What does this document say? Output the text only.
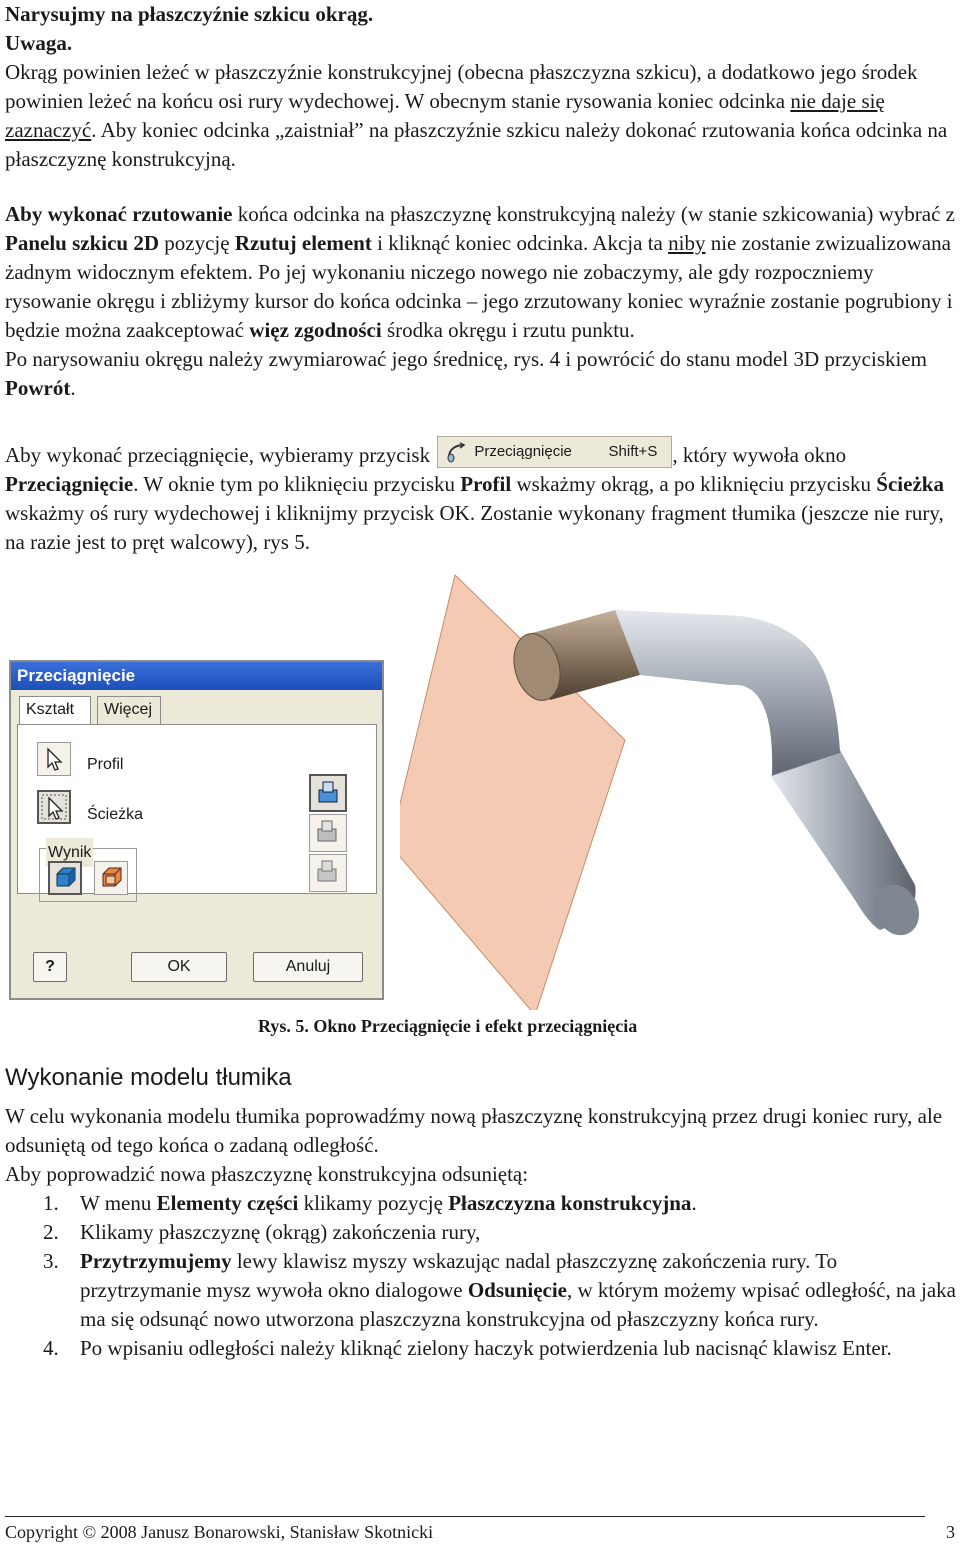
Narysujmy na płaszczyźnie szkicu okrąg.

Uwaga.

Okrąg powinien leżeć w płaszczyźnie konstrukcyjnej (obecna płaszczyzna szkicu), a dodatkowo jego środek powinien leżeć na końcu osi rury wydechowej. W obecnym stanie rysowania koniec odcinka nie daje się zaznaczyć. Aby koniec odcinka „zaistniał” na płaszczyźnie szkicu należy dokonać rzutowania końca odcinka na płaszczyznę konstrukcyjną.

Aby wykonać rzutowanie końca odcinka na płaszczyznę konstrukcyjną należy (w stanie szkicowania) wybrać z Panelu szkicu 2D pozycję Rzutuj element i kliknąć koniec odcinka. Akcja ta niby nie zostanie zwizualizowana żadnym widocznym efektem. Po jej wykonaniu niczego nowego nie zobaczymy, ale gdy rozpoczniemy rysowanie okręgu i zbliżymy kursor do końca odcinka – jego zrzutowany koniec wyraźnie zostanie pogrubiony i będzie można zaakceptować więz zgodności środka okręgu i rzutu punktu.

Po narysowaniu okręgu należy zwymiarować jego średnicę, rys. 4 i powrócić do stanu model 3D przyciskiem Powrót.

Aby wykonać przeciągnięcie, wybieramy przycisk	Przeciągnięcie Shift+S , który wywoła okno Przeciągnięcie. W oknie tym po kliknięciu przycisku Profil wskażmy okrąg, a po kliknięciu przycisku Ścieżka wskażmy oś rury wydechowej i kliknijmy przycisk OK. Zostanie wykonany fragment tłumika (jeszcze nie rury, na razie jest to pręt walcowy), rys 5.

Przeciągnięcie
Kształt	Więcej
Profil
Ścieżka
Wynik
?	OK	Anuluj
Rys. 5. Okno Przeciągnięcie i efekt przeciągnięcia
Wykonanie modelu tłumika

W celu wykonania modelu tłumika poprowadźmy nową płaszczyznę konstrukcyjną przez drugi koniec rury, ale odsuniętą od tego końca o zadaną odległość.

Aby poprowadzić nowa płaszczyznę konstrukcyjna odsuniętą:

1. W menu Elementy części klikamy pozycję Płaszczyzna konstrukcyjna.
2. Klikamy płaszczyznę (okrąg) zakończenia rury,
3. Przytrzymujemy lewy klawisz myszy wskazując nadal płaszczyznę zakończenia rury. To przytrzymanie mysz wywoła okno dialogowe Odsunięcie, w którym możemy wpisać odległość, na jaka ma się odsunąć nowo utworzona plaszczyzna konstrukcyjna od płaszczyzny końca rury.
4. Po wpisaniu odległości należy kliknąć zielony haczyk potwierdzenia lub nacisnąć klawisz Enter.
Copyright © 2008 Janusz Bonarowski, Stanisław Skotnicki	3
